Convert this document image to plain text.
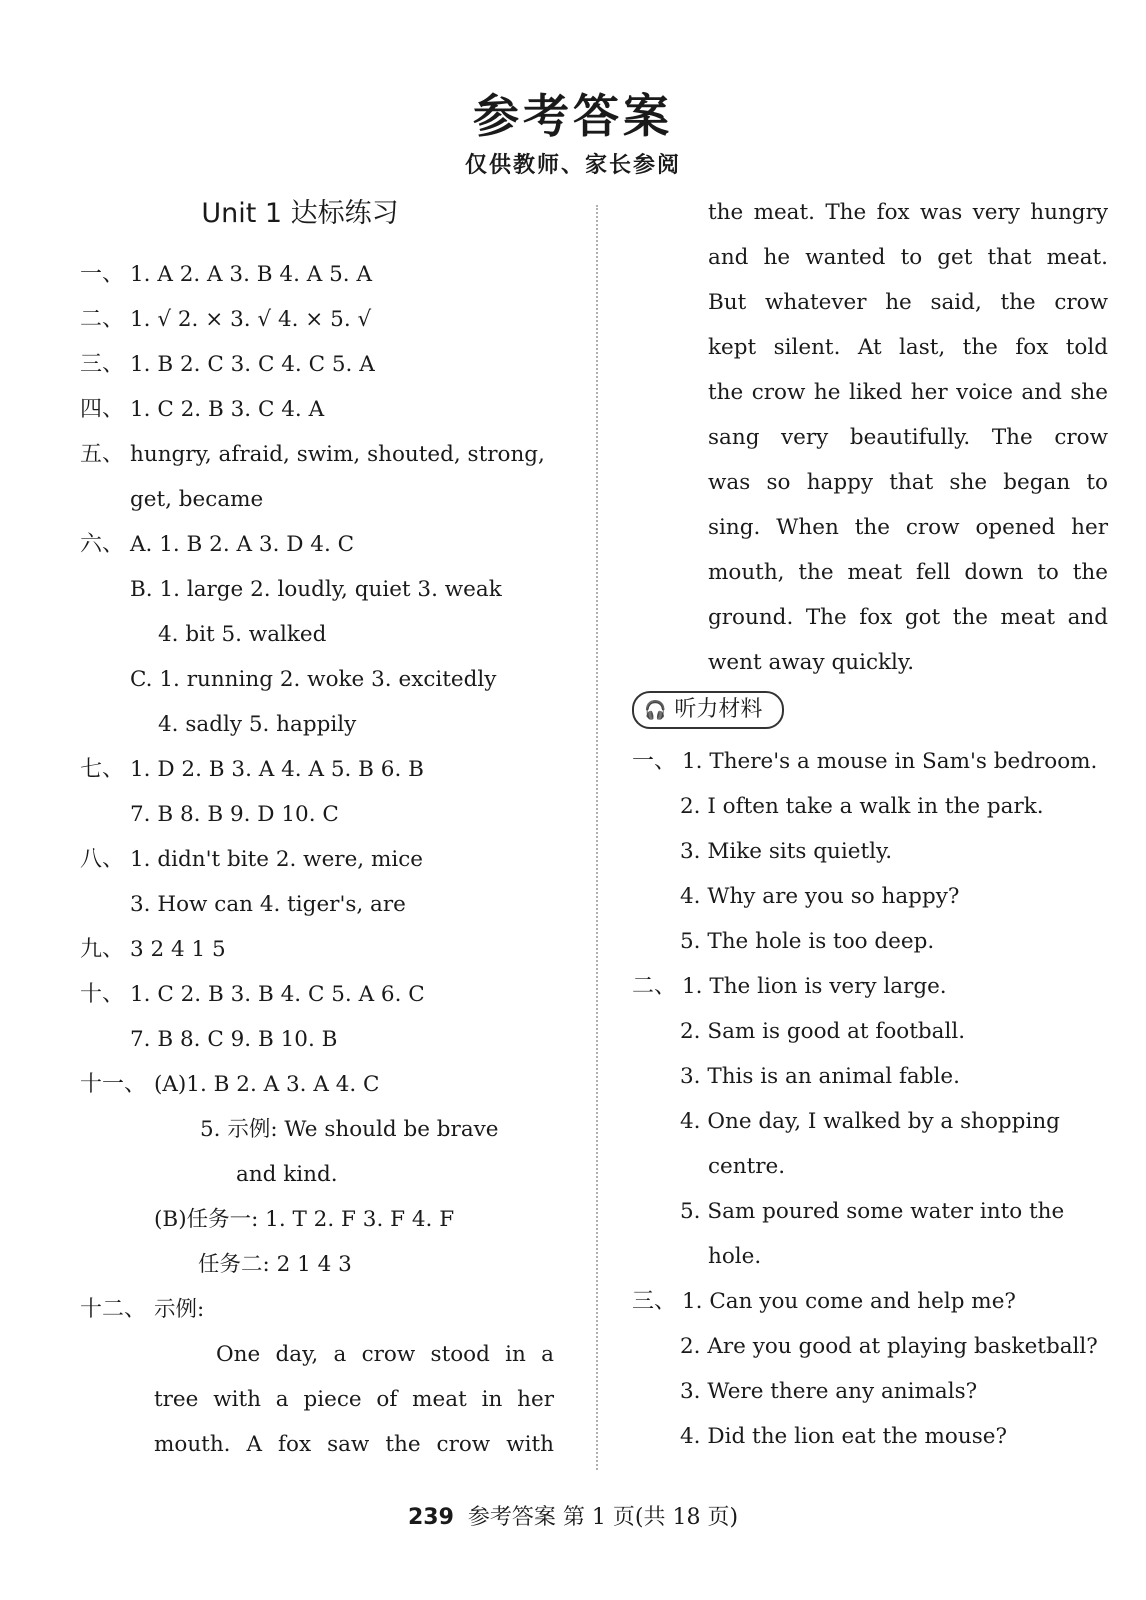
参考答案
仅供教师、家长参阅
Unit 1 达标练习
一、 1. A 2. A 3. B 4. A 5. A
二、 1. √ 2. × 3. √ 4. × 5. √
三、 1. B 2. C 3. C 4. C 5. A
四、 1. C 2. B 3. C 4. A
五、 hungry, afraid, swim, shouted, strong,
get, became
六、 A. 1. B 2. A 3. D 4. C
B. 1. large 2. loudly, quiet 3. weak
4. bit 5. walked
C. 1. running 2. woke 3. excitedly
4. sadly 5. happily
七、 1. D 2. B 3. A 4. A 5. B 6. B
7. B 8. B 9. D 10. C
八、 1. didn't bite 2. were, mice
3. How can 4. tiger's, are
九、 3 2 4 1 5
十、 1. C 2. B 3. B 4. C 5. A 6. C
7. B 8. C 9. B 10. B
十一、 (A)1. B 2. A 3. A 4. C
5. 示例: We should be brave
and kind.
(B)任务一: 1. T 2. F 3. F 4. F
任务二: 2 1 4 3
十二、 示例:
One day, a crow stood in a
tree with a piece of meat in her
mouth. A fox saw the crow with
the meat. The fox was very hungry
and he wanted to get that meat.
But whatever he said, the crow
kept silent. At last, the fox told
the crow he liked her voice and she
sang very beautifully. The crow
was so happy that she began to
sing. When the crow opened her
mouth, the meat fell down to the
ground. The fox got the meat and
went away quickly.
🎧 听力材料
一、 1. There's a mouse in Sam's bedroom.
2. I often take a walk in the park.
3. Mike sits quietly.
4. Why are you so happy?
5. The hole is too deep.
二、 1. The lion is very large.
2. Sam is good at football.
3. This is an animal fable.
4. One day, I walked by a shopping
centre.
5. Sam poured some water into the
hole.
三、 1. Can you come and help me?
2. Are you good at playing basketball?
3. Were there any animals?
4. Did the lion eat the mouse?
239 参考答案 第 1 页(共 18 页)
